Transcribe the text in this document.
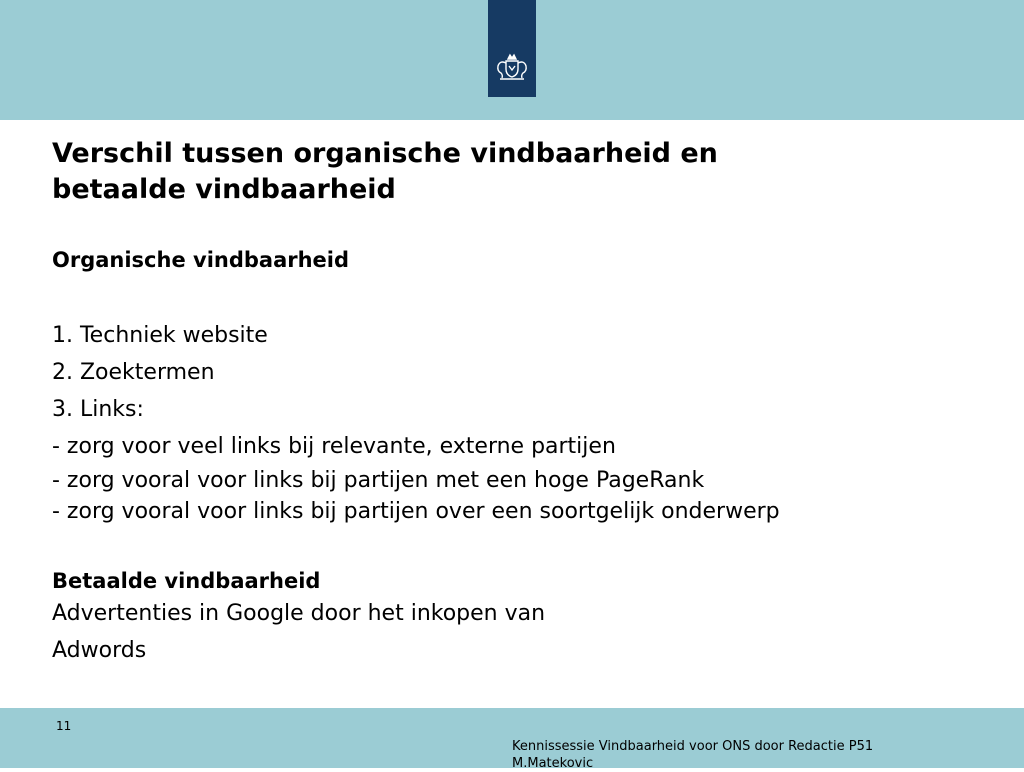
Verschil tussen organische vindbaarheid en
betaalde vindbaarheid

Organische vindbaarheid

1. Techniek website

2. Zoektermen

3. Links:

- zorg voor veel links bij relevante, externe partijen

- zorg vooral voor links bij partijen met een hoge PageRank

- zorg vooral voor links bij partijen over een soortgelijk onderwerp

Betaalde vindbaarheid

Advertenties in Google door het inkopen van

Adwords

11
Kennissessie Vindbaarheid voor ONS door Redactie P51
M.Matekovic
